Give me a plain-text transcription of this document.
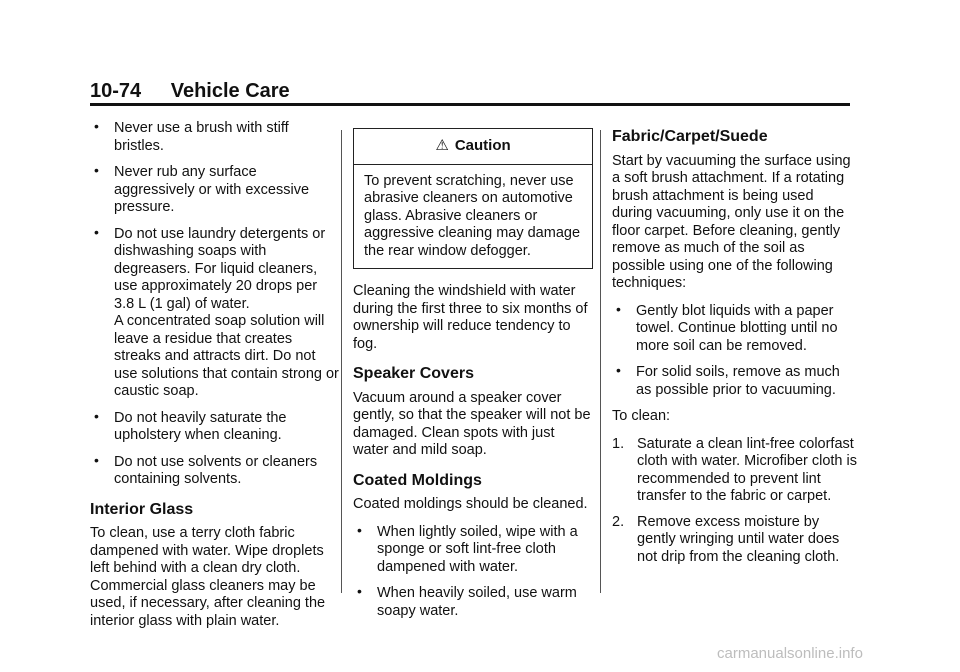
10-74 Vehicle Care
• Never use a brush with stiff bristles.
• Never rub any surface aggressively or with excessive pressure.
• Do not use laundry detergents or dishwashing soaps with degreasers. For liquid cleaners, use approximately 20 drops per 3.8 L (1 gal) of water.
A concentrated soap solution will leave a residue that creates streaks and attracts dirt. Do not use solutions that contain strong or caustic soap.
• Do not heavily saturate the upholstery when cleaning.
• Do not use solvents or cleaners containing solvents.
Interior Glass

To clean, use a terry cloth fabric dampened with water. Wipe droplets left behind with a clean dry cloth. Commercial glass cleaners may be used, if necessary, after cleaning the interior glass with plain water.

⚠ Caution
To prevent scratching, never use abrasive cleaners on automotive glass. Abrasive cleaners or aggressive cleaning may damage the rear window defogger.

Cleaning the windshield with water during the first three to six months of ownership will reduce tendency to fog.

Speaker Covers

Vacuum around a speaker cover gently, so that the speaker will not be damaged. Clean spots with just water and mild soap.

Coated Moldings

Coated moldings should be cleaned.

• When lightly soiled, wipe with a sponge or soft lint-free cloth dampened with water.
• When heavily soiled, use warm soapy water.
Fabric/Carpet/Suede

Start by vacuuming the surface using a soft brush attachment. If a rotating brush attachment is being used during vacuuming, only use it on the floor carpet. Before cleaning, gently remove as much of the soil as possible using one of the following techniques:

• Gently blot liquids with a paper towel. Continue blotting until no more soil can be removed.
• For solid soils, remove as much as possible prior to vacuuming.

To clean:

1. Saturate a clean lint-free colorfast cloth with water. Microfiber cloth is recommended to prevent lint transfer to the fabric or carpet.
2. Remove excess moisture by gently wringing until water does not drip from the cleaning cloth.
carmanualsonline.info
